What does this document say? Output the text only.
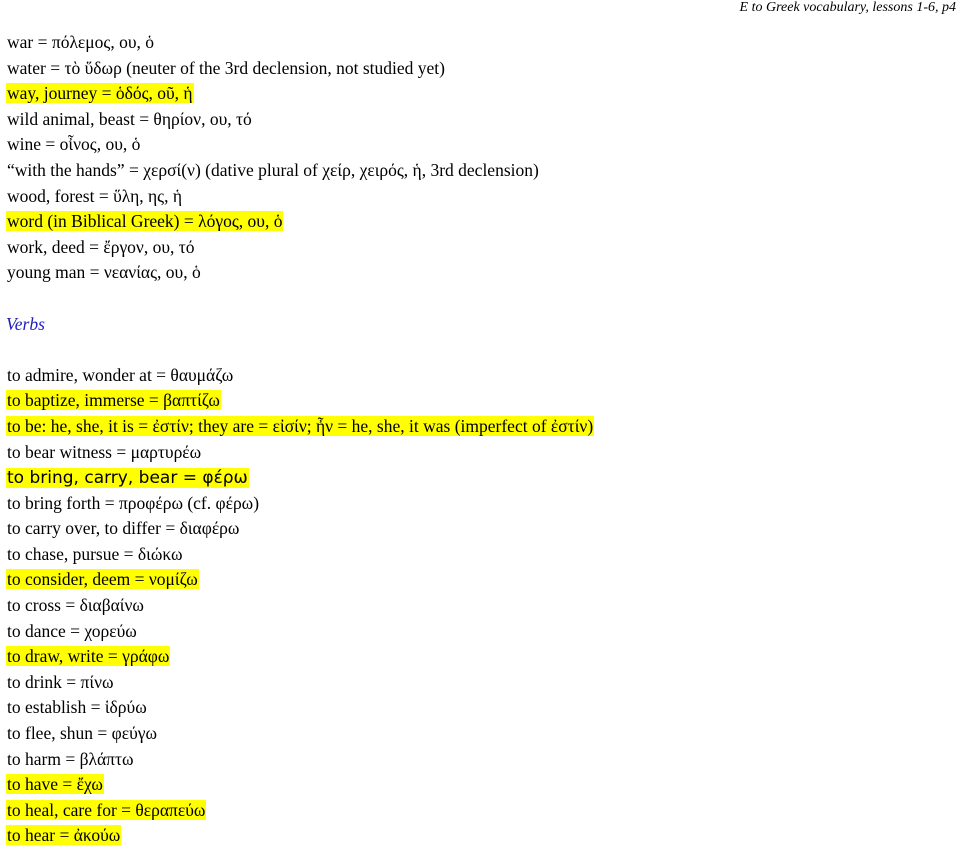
E to Greek vocabulary, lessons 1-6, p4
war = πόλεμος, ου, ὁ
water = τὸ ὕδωρ (neuter of the 3rd declension, not studied yet)
way, journey = ὁδός, οῦ, ἡ
wild animal, beast = θηρίον, ου, τό
wine = οἶνος, ου, ὁ
“with the hands” = χερσί(ν) (dative plural of χείρ, χειρός, ἡ, 3rd declension)
wood, forest = ὕλη, ης, ἡ
word (in Biblical Greek) = λόγος, ου, ὁ
work, deed = ἔργον, ου, τό
young man = νεανίας, ου, ὁ
Verbs
to admire, wonder at = θαυμάζω
to baptize, immerse = βαπτίζω
to be: he, she, it is = ἐστίν; they are = εἰσίν; ἦν = he, she, it was (imperfect of ἐστίν)
to bear witness = μαρτυρέω
to bring, carry, bear = φέρω
to bring forth = προφέρω (cf. φέρω)
to carry over, to differ = διαφέρω
to chase, pursue = διώκω
to consider, deem = νομίζω
to cross = διαβαίνω
to dance = χορεύω
to draw, write = γράφω
to drink = πίνω
to establish = ἱδρύω
to flee, shun = φεύγω
to harm = βλάπτω
to have = ἔχω
to heal, care for = θεραπεύω
to hear = ἀκούω
